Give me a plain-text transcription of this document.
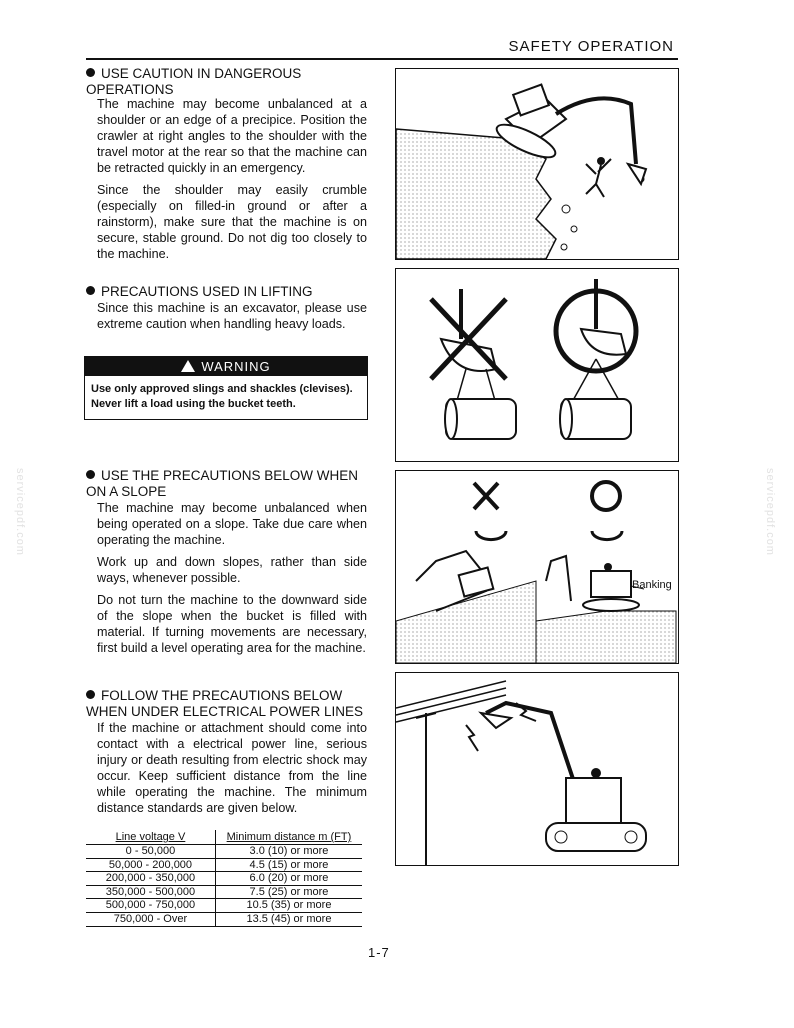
SAFETY OPERATION
servicepdf.com	servicepdf.com
USE CAUTION IN DANGEROUS OPERATIONS

The machine may become unbalanced at a shoulder or an edge of a precipice. Position the crawler at right angles to the shoulder with the travel motor at the rear so that the machine can be retracted quickly in an emergency.

Since the shoulder may easily crumble (especially on filled-in ground or after a rainstorm), make sure that the machine is on secure, stable ground. Do not dig too closely to the machine.

PRECAUTIONS USED IN LIFTING

Since this machine is an excavator, please use extreme caution when handling heavy loads.

WARNING
Use only approved slings and shackles (clevises). Never lift a load using the bucket teeth.
USE THE PRECAUTIONS BELOW WHEN ON A SLOPE

The machine may become unbalanced when being operated on a slope. Take due care when operating the machine.

Work up and down slopes, rather than side ways, whenever possible.

Do not turn the machine to the downward side of the slope when the bucket is filled with material. If turning movements are necessary, first build a level operating area for the machine.

FOLLOW THE PRECAUTIONS BELOW WHEN UNDER ELECTRICAL POWER LINES

If the machine or attachment should come into contact with a electrical power line, serious injury or death resulting from electric shock may occur. Keep sufficient distance from the line while operating the machine. The minimum distance standards are given below.

Line voltage V	Minimum distance m (FT)
0 - 50,000	3.0 (10) or more
50,000 - 200,000	4.5 (15) or more
200,000 - 350,000	6.0 (20) or more
350,000 - 500,000	7.5 (25) or more
500,000 - 750,000	10.5 (35) or more
750,000 - Over	13.5 (45) or more
Banking
1-7
